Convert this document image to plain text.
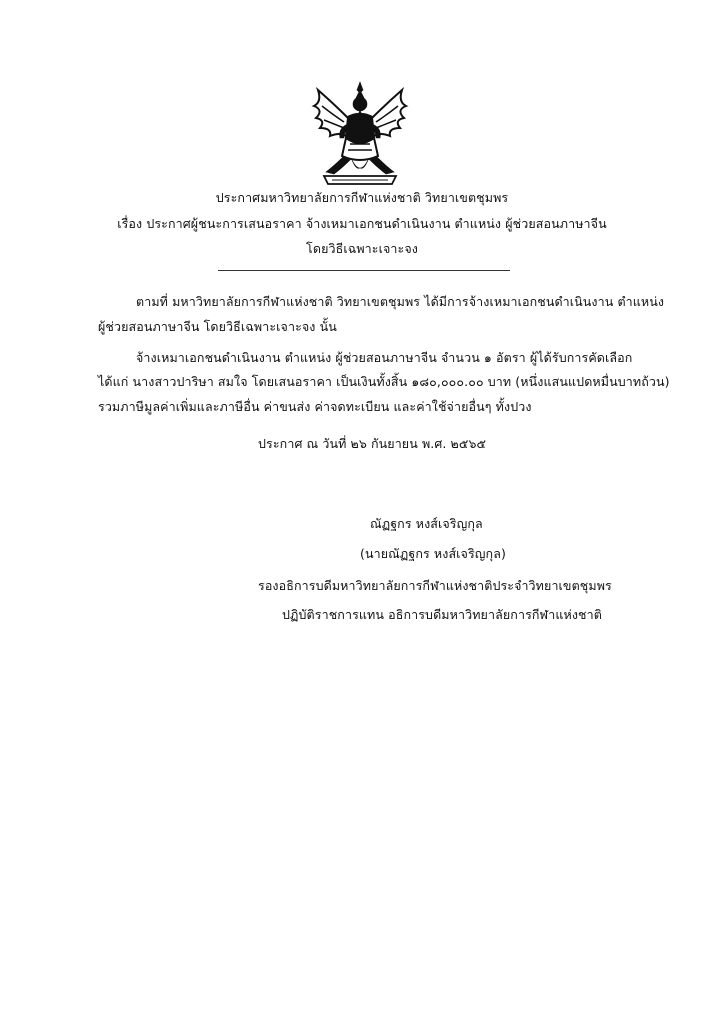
ประกาศมหาวิทยาลัยการกีฬาแห่งชาติ วิทยาเขตชุมพร
เรื่อง ประกาศผู้ชนะการเสนอราคา จ้างเหมาเอกชนดำเนินงาน ตำแหน่ง ผู้ช่วยสอนภาษาจีน
โดยวิธีเฉพาะเจาะจง
ตามที่ มหาวิทยาลัยการกีฬาแห่งชาติ วิทยาเขตชุมพร ได้มีการจ้างเหมาเอกชนดำเนินงาน ตำแหน่ง
ผู้ช่วยสอนภาษาจีน โดยวิธีเฉพาะเจาะจง นั้น
จ้างเหมาเอกชนดำเนินงาน ตำแหน่ง ผู้ช่วยสอนภาษาจีน จำนวน ๑ อัตรา ผู้ได้รับการคัดเลือก
ได้แก่ นางสาวปาริษา สมใจ โดยเสนอราคา เป็นเงินทั้งสิ้น ๑๘๐,๐๐๐.๐๐ บาท (หนึ่งแสนแปดหมื่นบาทถ้วน)
รวมภาษีมูลค่าเพิ่มและภาษีอื่น ค่าขนส่ง ค่าจดทะเบียน และค่าใช้จ่ายอื่นๆ ทั้งปวง
ประกาศ ณ วันที่ ๒๖ กันยายน พ.ศ. ๒๕๖๕
ณัฏฐกร หงส์เจริญกุล
(นายณัฏฐกร หงส์เจริญกุล)
รองอธิการบดีมหาวิทยาลัยการกีฬาแห่งชาติประจำวิทยาเขตชุมพร
ปฏิบัติราชการแทน อธิการบดีมหาวิทยาลัยการกีฬาแห่งชาติ
